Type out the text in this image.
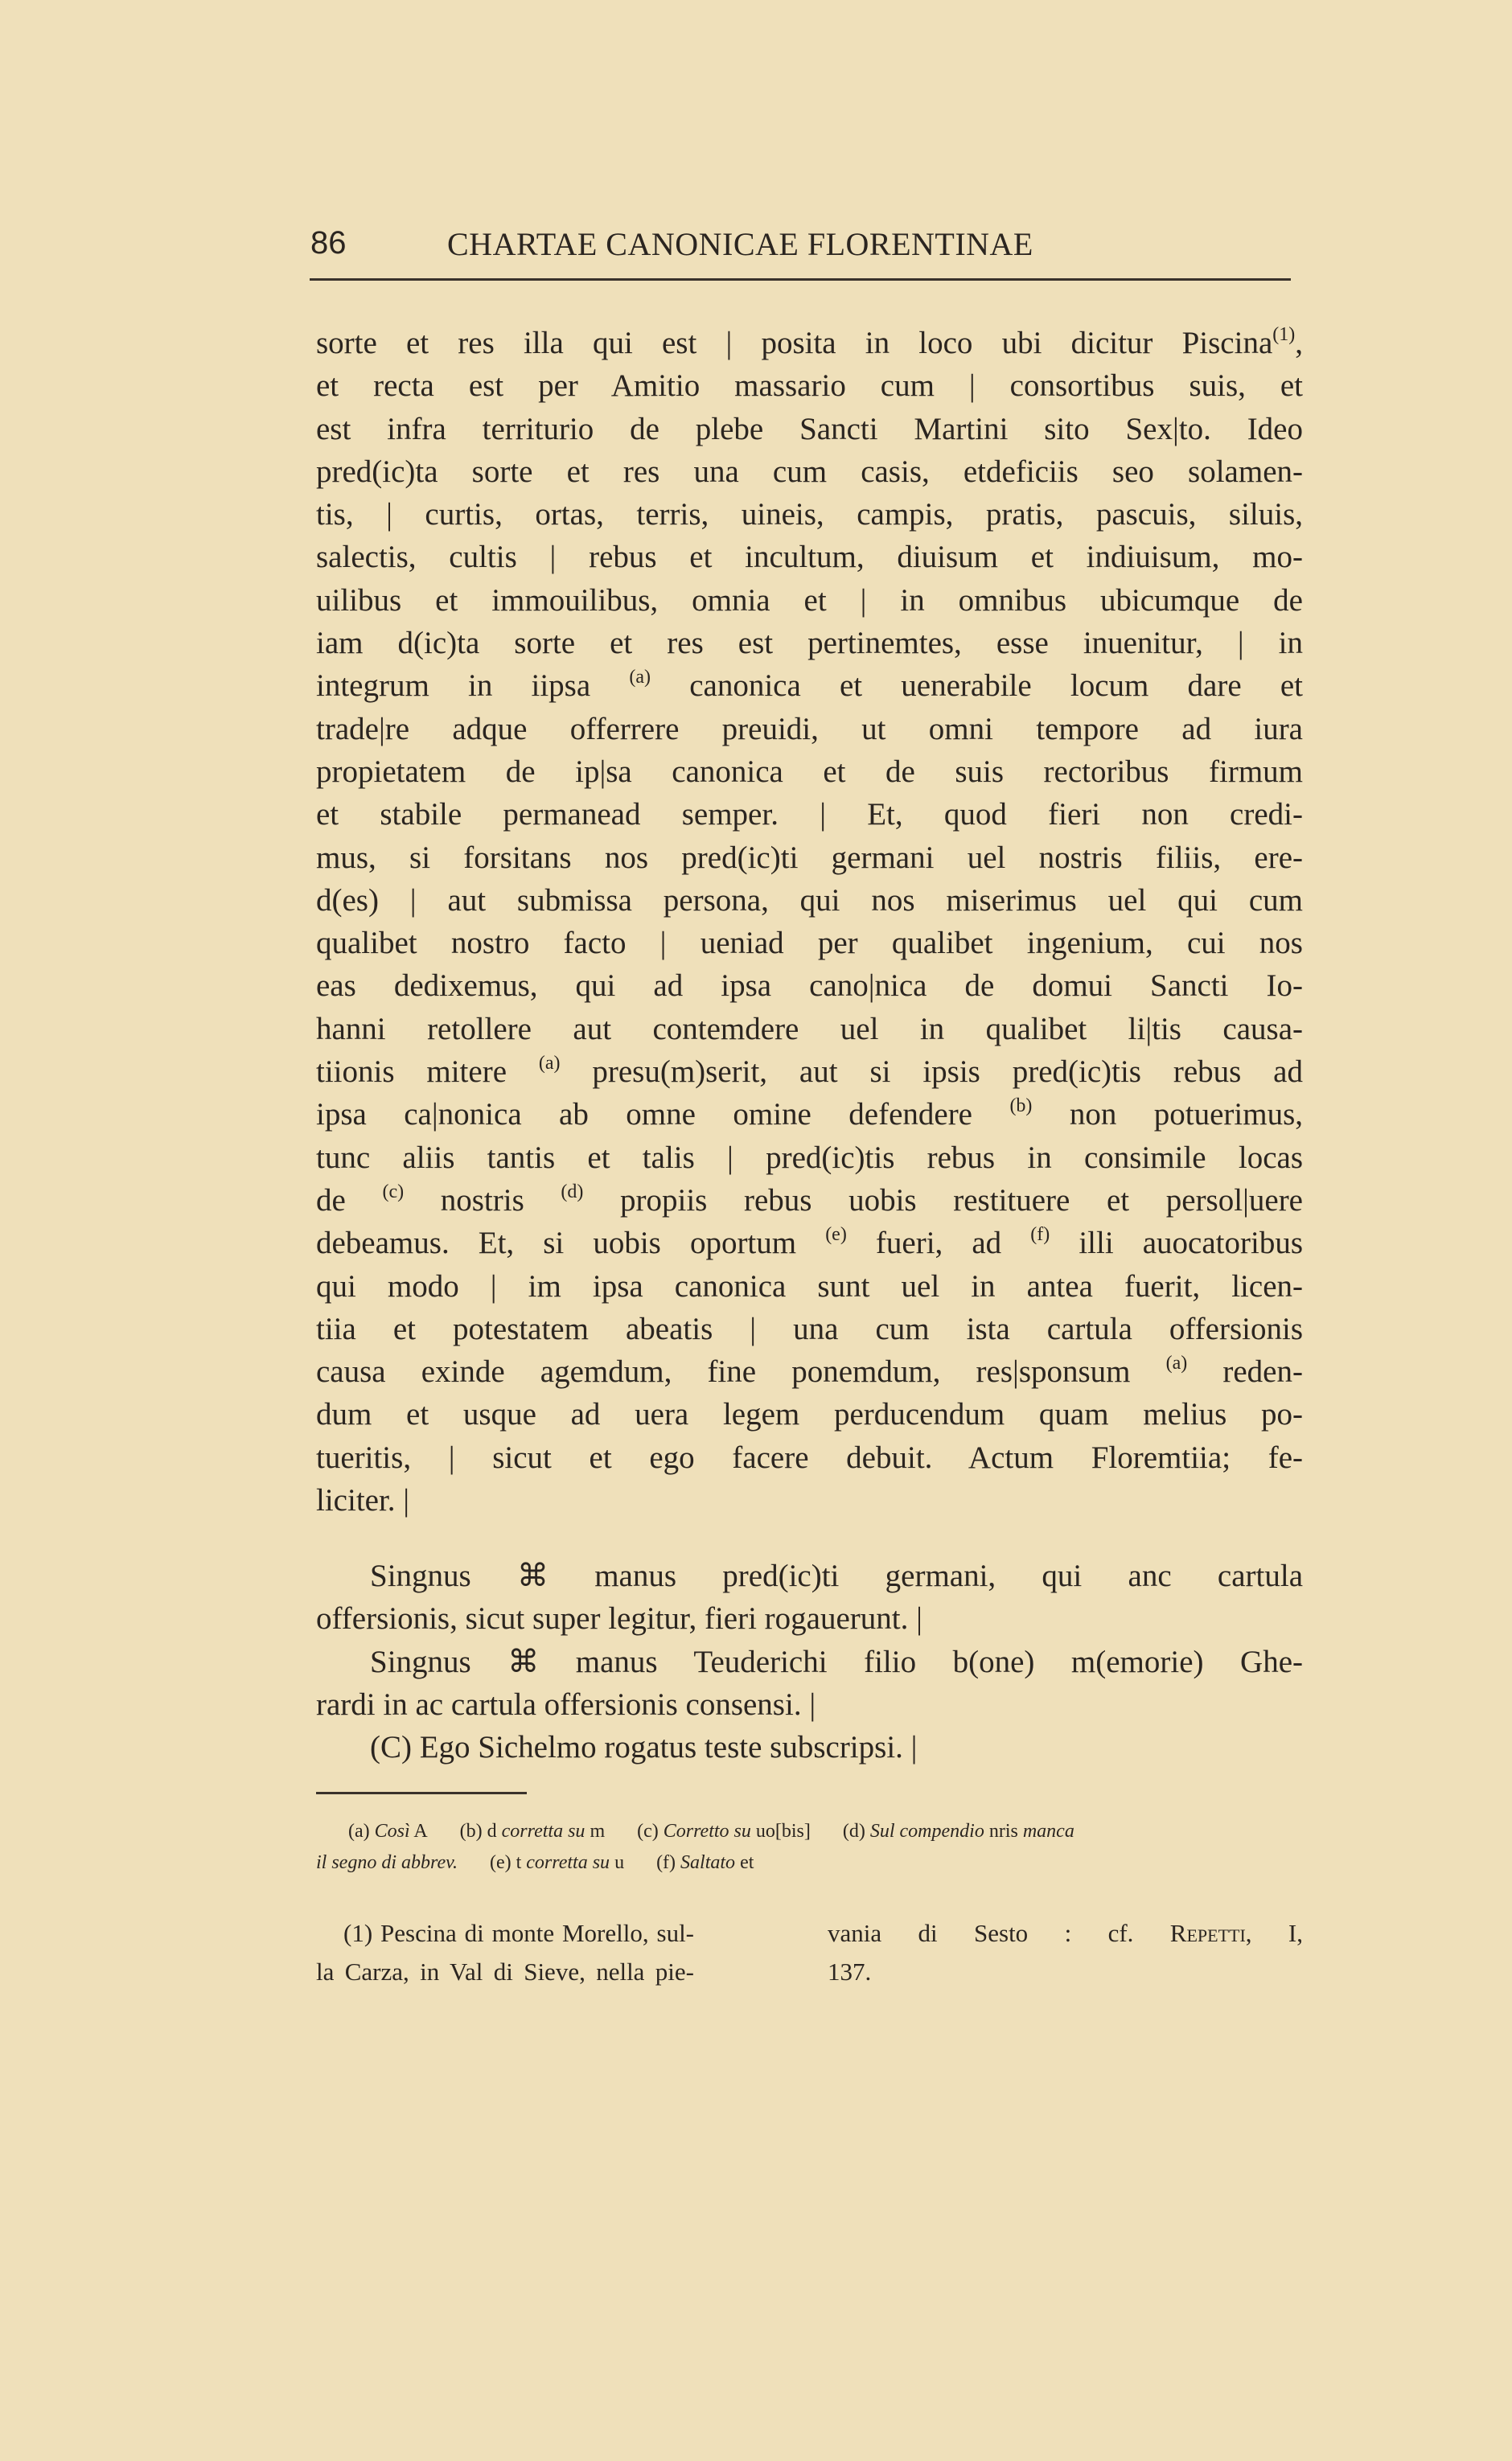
86	CHARTAE CANONICAE FLORENTINAE
sorte et res illa qui est | posita in loco ubi dicitur Piscina$^{(1)}$,
et recta est per Amitio massario cum | consortibus suis, et
est infra territurio de plebe Sancti Martini sito Sex|to. Ideo
pred(ic)ta sorte et res una cum casis, etdeficiis seo solamen-
tis, | curtis, ortas, terris, uineis, campis, pratis, pascuis, siluis,
salectis, cultis | rebus et incultum, diuisum et indiuisum, mo-
uilibus et immouilibus, omnia et | in omnibus ubicumque de
iam d(ic)ta sorte et res est pertinemtes, esse inuenitur, | in
integrum in iipsa $^{(a)}$ canonica et uenerabile locum dare et
trade|re adque offerrere preuidi, ut omni tempore ad iura
propietatem de ip|sa canonica et de suis rectoribus firmum
et stabile permanead semper. | Et, quod fieri non credi-
mus, si forsitans nos pred(ic)ti germani uel nostris filiis, ere-
d(es) | aut submissa persona, qui nos miserimus uel qui cum
qualibet nostro facto | ueniad per qualibet ingenium, cui nos
eas dedixemus, qui ad ipsa cano|nica de domui Sancti Io-
hanni retollere aut contemdere uel in qualibet li|tis causa-
tiionis mitere $^{(a)}$ presu(m)serit, aut si ipsis pred(ic)tis rebus ad
ipsa ca|nonica ab omne omine defendere $^{(b)}$ non potuerimus,
tunc aliis tantis et talis | pred(ic)tis rebus in consimile locas
de $^{(c)}$ nostris $^{(d)}$ propiis rebus uobis restituere et persol|uere
debeamus. Et, si uobis oportum $^{(e)}$ fueri, ad $^{(f)}$ illi auocatoribus
qui modo | im ipsa canonica sunt uel in antea fuerit, licen-
tiia et potestatem abeatis | una cum ista cartula offersionis
causa exinde agemdum, fine ponemdum, res|sponsum $^{(a)}$ reden-
dum et usque ad uera legem perducendum quam melius po-
tueritis, | sicut et ego facere debuit. Actum Floremtiia; fe-
liciter. |
Singnus ⌘ manus pred(ic)ti germani, qui anc cartula
offersionis, sicut super legitur, fieri rogauerunt. |
Singnus ⌘ manus Teuderichi filio b(one) m(emorie) Ghe-
rardi in ac cartula offersionis consensi. |
(C) Ego Sichelmo rogatus teste subscripsi. |
(a) Così A (b) d corretta su m (c) Corretto su uo[bis] (d) Sul compendio nris manca
il segno di abbrev. (e) t corretta su u (f) Saltato et
(1) Pescina di monte Morello, sul-
la Carza, in Val di Sieve, nella pie-
vania di Sesto : cf. Repetti, I,
137.
